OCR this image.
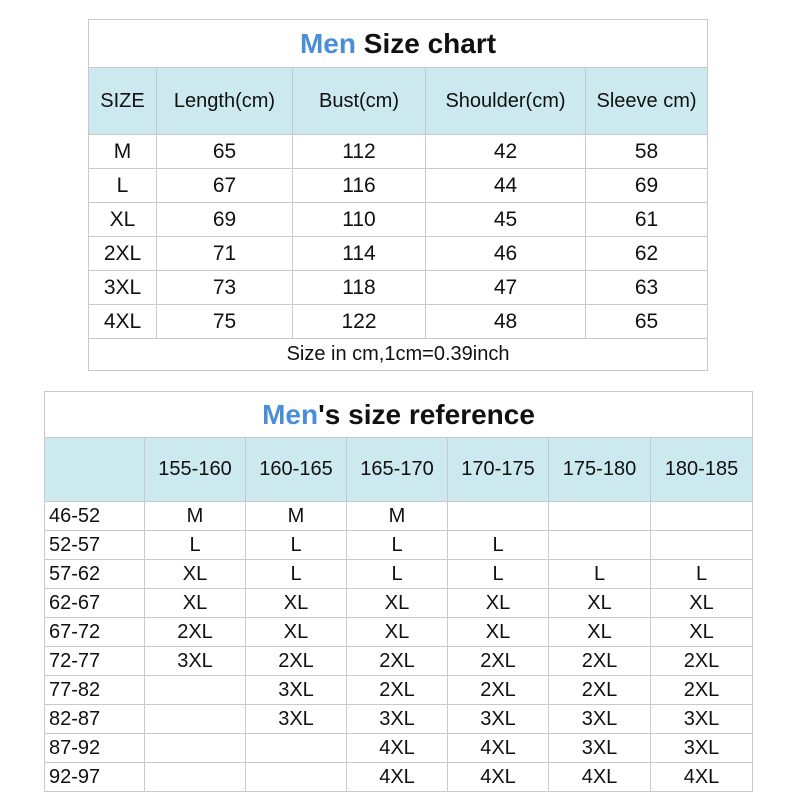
Men Size chart				
SIZE	Length(cm)	Bust(cm)	Shoulder(cm)	Sleeve cm)
M	65	112	42	58
L	67	116	44	69
XL	69	110	45	61
2XL	71	114	46	62
3XL	73	118	47	63
4XL	75	122	48	65
Size in cm,1cm=0.39inch				
Men's size reference						
	155-160	160-165	165-170	170-175	175-180	180-185
46-52	M	M	M			
52-57	L	L	L	L		
57-62	XL	L	L	L	L	L
62-67	XL	XL	XL	XL	XL	XL
67-72	2XL	XL	XL	XL	XL	XL
72-77	3XL	2XL	2XL	2XL	2XL	2XL
77-82		3XL	2XL	2XL	2XL	2XL
82-87		3XL	3XL	3XL	3XL	3XL
87-92			4XL	4XL	3XL	3XL
92-97			4XL	4XL	4XL	4XL
